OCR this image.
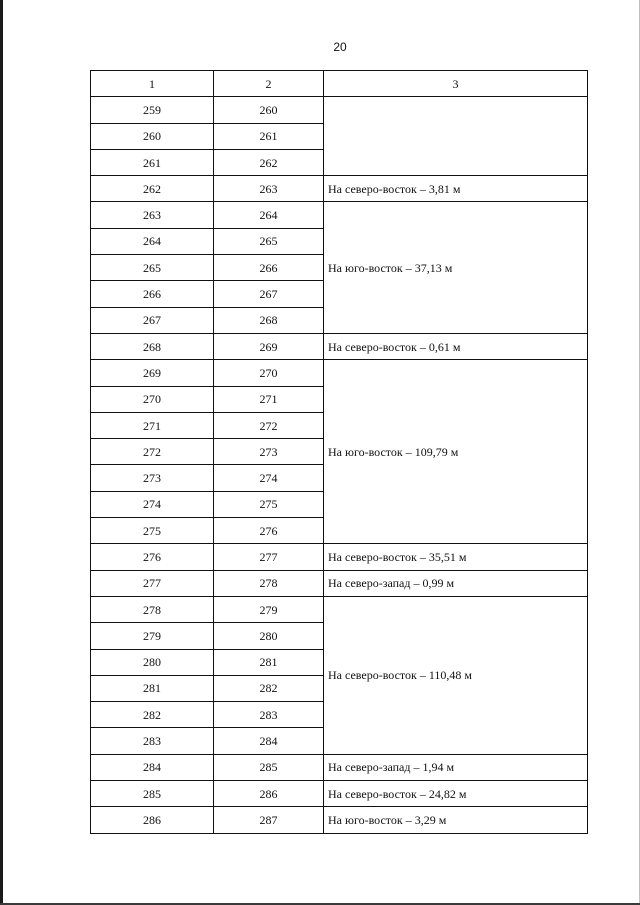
20
1	2	3
259	260	
260	261	
261	262	
262	263	На северо-восток – 3,81 м
263	264	На юго-восток – 37,13 м
264	265	
265	266	
266	267	
267	268	
268	269	На северо-восток – 0,61 м
269	270	На юго-восток – 109,79 м
270	271	
271	272	
272	273	
273	274	
274	275	
275	276	
276	277	На северо-восток – 35,51 м
277	278	На северо-запад – 0,99 м
278	279	На северо-восток – 110,48 м
279	280	
280	281	
281	282	
282	283	
283	284	
284	285	На северо-запад – 1,94 м
285	286	На северо-восток – 24,82 м
286	287	На юго-восток – 3,29 м
